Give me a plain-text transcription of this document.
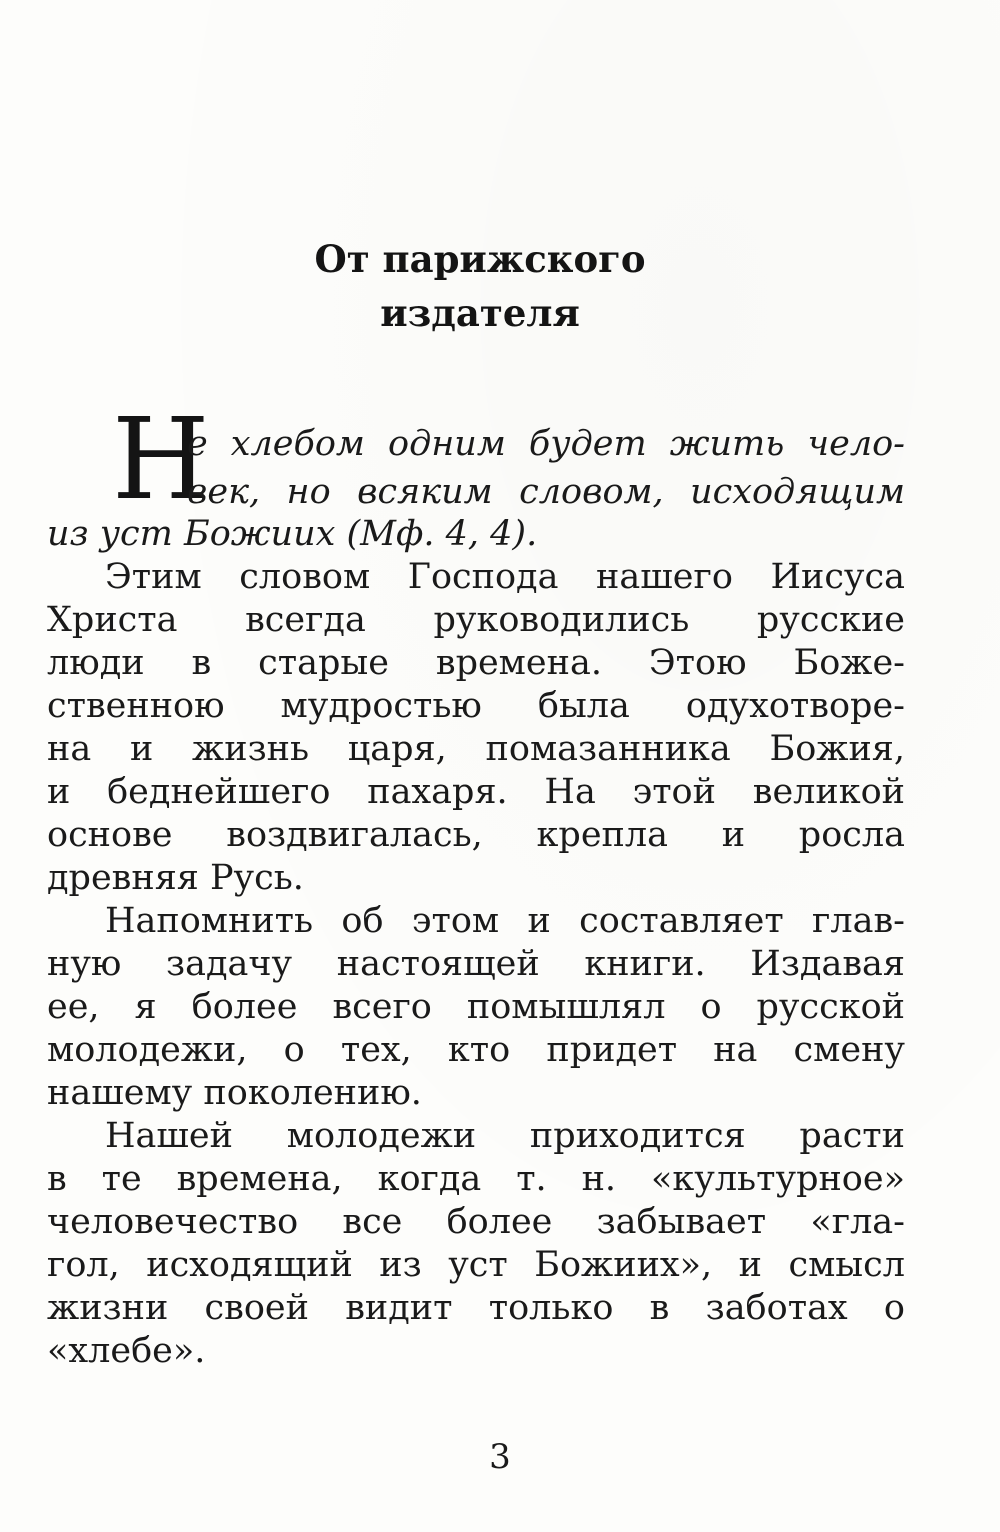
От парижского
издателя
Н
е хлебом одним будет жить чело-
век, но всяким словом, исходящим
из уст Божиих (Мф. 4, 4).
Этим словом Господа нашего Иисуса
Христа всегда руководились русские
люди в старые времена. Этою Боже-
ственною мудростью была одухотворе-
на и жизнь царя, помазанника Божия,
и беднейшего пахаря. На этой великой
основе воздвигалась, крепла и росла
древняя Русь.
Напомнить об этом и составляет глав-
ную задачу настоящей книги. Издавая
ее, я более всего помышлял о русской
молодежи, о тех, кто придет на смену
нашему поколению.
Нашей молодежи приходится расти
в те времена, когда т. н. «культурное»
человечество все более забывает «гла-
гол, исходящий из уст Божиих», и смысл
жизни своей видит только в заботах о
«хлебе».
3
